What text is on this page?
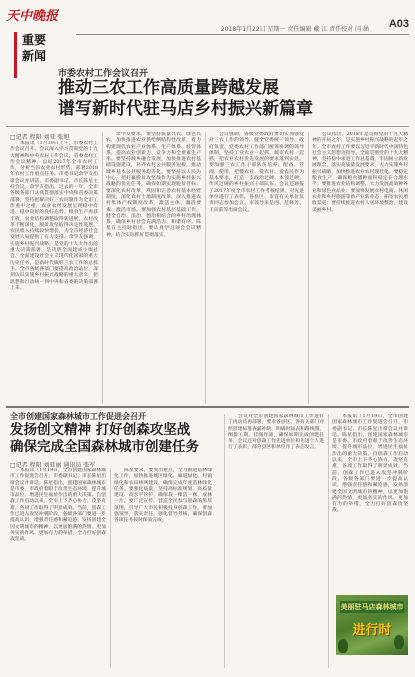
天中晚报
重要
新闻
2018年1月22日 星期一 责任编辑 戴 江 责任校对 闫 涵 A03
市委农村工作会议召开
推动三农工作高质量跨越发展
谱写新时代驻马店乡村振兴新篇章
□记者 程阳 刘亚 张旭

本报讯（1月19日上午，市委农村工作会议召开。会议深入学习贯彻党的十九大精神和中央农村工作会议、省委农村工作会议精神，总结2017年全市农村工作，分析当前农业农村形势，部署2018年农村工作重点任务。市委书记余学友出席会议并讲话，市委副书记、市长陈星主持会议。余学友指出，过去的一年，全市各级各部门认真贯彻落实中央和省委决策部署，坚持把解决好三农问题作为全市工作重中之重，农业农村发展呈现稳中有进、稳中向好的良好态势。粮食生产再获丰收，农业结构调整取得新进展，农村改革不断深化，脱贫攻坚取得决定性进展，农民收入持续较快增长，为全市经济社会发展大局提供了有力支撑。余学友强调，实施乡村振兴战略，是党的十九大作出的重大决策部署，是决胜全面建成小康社会、全面建设社会主义现代化国家的重大历史任务，是新时代做好三农工作的总抓手。全市各级各部门要提高政治站位，深刻认识实施乡村振兴战略的重大意义，把思想和行动统一到中央和省委的决策部署上来。

余学友要求，要坚持质量兴农、绿色兴农，加快推进农业供给侧结构性改革，着力构建现代农业产业体系、生产体系、经营体系，提高农业创新力、竞争力和全要素生产率。要坚持城乡融合发展，加快推进农村基础设施建设，补齐农村公共服务短板，推动城乡基本公共服务均等化。要坚持以人民为中心，把打赢脱贫攻坚战作为实施乡村振兴战略的优先任务，确保如期实现脱贫目标。要深化农村改革，巩固和完善农村基本经营制度，深化农村土地制度改革，深入推进农村集体产权制度改革，激活主体、激活要素、激活市场。要加强农村基层基础工作，健全自治、法治、德治相结合的乡村治理体系，确保乡村社会充满活力、和谐有序。陈星在主持时指出，要认真学习领会会议精神，结合实际抓好贯彻落实。

会议强调，各级党委政府要切实加强党对三农工作的领导，健全党委统一领导、政府负责、党委农村工作部门统筹协调的领导体制，坚持工业农业一起抓、城市农村一起抓，把农业农村优先发展的要求落到实处。要加强三农工作干部队伍培养、配备、管理、使用，把懂农业、爱农村、爱农民作为基本要求，打造一支政治过硬、本领过硬、作风过硬的乡村振兴干部队伍。会议还通报了2017年度全市农村工作考核结果，对先进单位进行了表彰。各县区、市直有关单位负责同志参加会议。市领导朱是西、范修芳、王向前等出席会议。

会议指出，2018年是贯彻党的十九大精神的开局之年，是实施乡村振兴战略的起步之年。全市农村工作要以习近平新时代中国特色社会主义思想为指导，全面贯彻党的十九大精神，坚持稳中求进工作总基调，牢固树立新发展理念，落实高质量发展要求，大力实施乡村振兴战略，加快推进农业农村现代化。要稳定粮食生产，确保粮食播种面积稳定在合理水平；要推进农业结构调整，大力发展高效种养业和绿色食品业；要加快发展农村电商、休闲农业和乡村旅游等新产业新业态，拓宽农民增收渠道；要持续推进农村人居环境整治，建设美丽乡村。

全市创建国家森林城市工作促进会召开
发扬创文精神 打好创森攻坚战
确保完成全国森林城市创建任务
□记者 程阳 刘亚丽 通讯员 张军

本报讯（1月19日，全市创建国家森林城市工作促进会召开，市委副书记、市长陈星出席会议并讲话。陈星指出，创建国家森林城市是市委、市政府着眼于改善生态环境、提升城市品位、增进民生福祉作出的重大决策。自创森工作启动以来，全市上下齐心协力，攻坚克难，各项工作取得了明显成效。当前，创森工作已进入攻坚冲刺阶段，各级各部门要进一步提高认识，增强责任感和紧迫感，发扬创建全国文明城市的精神，以更加饱满的热情、更加务实的作风、更加有力的举措，全力打好创森攻坚战。

陈星要求，要突出重点，全力推进造林绿化工作，加快推进城区绿化、廊道绿化、村镇绿化和农田林网建设，确保完成年度造林绿化任务。要强化质量，坚持高标准规划、高质量建设、高水平管护，确保栽一棵活一棵，成林一片。要广泛宣传，营造全民参与创森的浓厚氛围，引导广大市民积极投身创森工作。要加强领导，落实责任，强化督导考核，确保创森各项任务按时保质完成。

会议对全市创建国家森林城市工作进行了再动员再部署，要求各县区、各有关部门对照创建标准查漏补缺，明确时间表和路线图，倒排工期，挂图作战，确保如期完成创建任务。会议还对创森工作先进单位和先进个人进行了表彰，部分县区和单位作了表态发言。

本报讯（1月19日，全市创建国家森林城市工作促进会召开，市委副书记、市长陈星出席会议并讲话。陈星指出，创建国家森林城市是市委、市政府着眼于改善生态环境、提升城市品位、增进民生福祉作出的重大决策。自创森工作启动以来，全市上下齐心协力，攻坚克难，各项工作取得了明显成效。当前，创森工作已进入攻坚冲刺阶段，各级各部门要进一步提高认识，增强责任感和紧迫感，发扬创建全国文明城市的精神，以更加饱满的热情、更加务实的作风、更加有力的举措，全力打好创森攻坚战。

美丽驻马店森林城市
进行时
